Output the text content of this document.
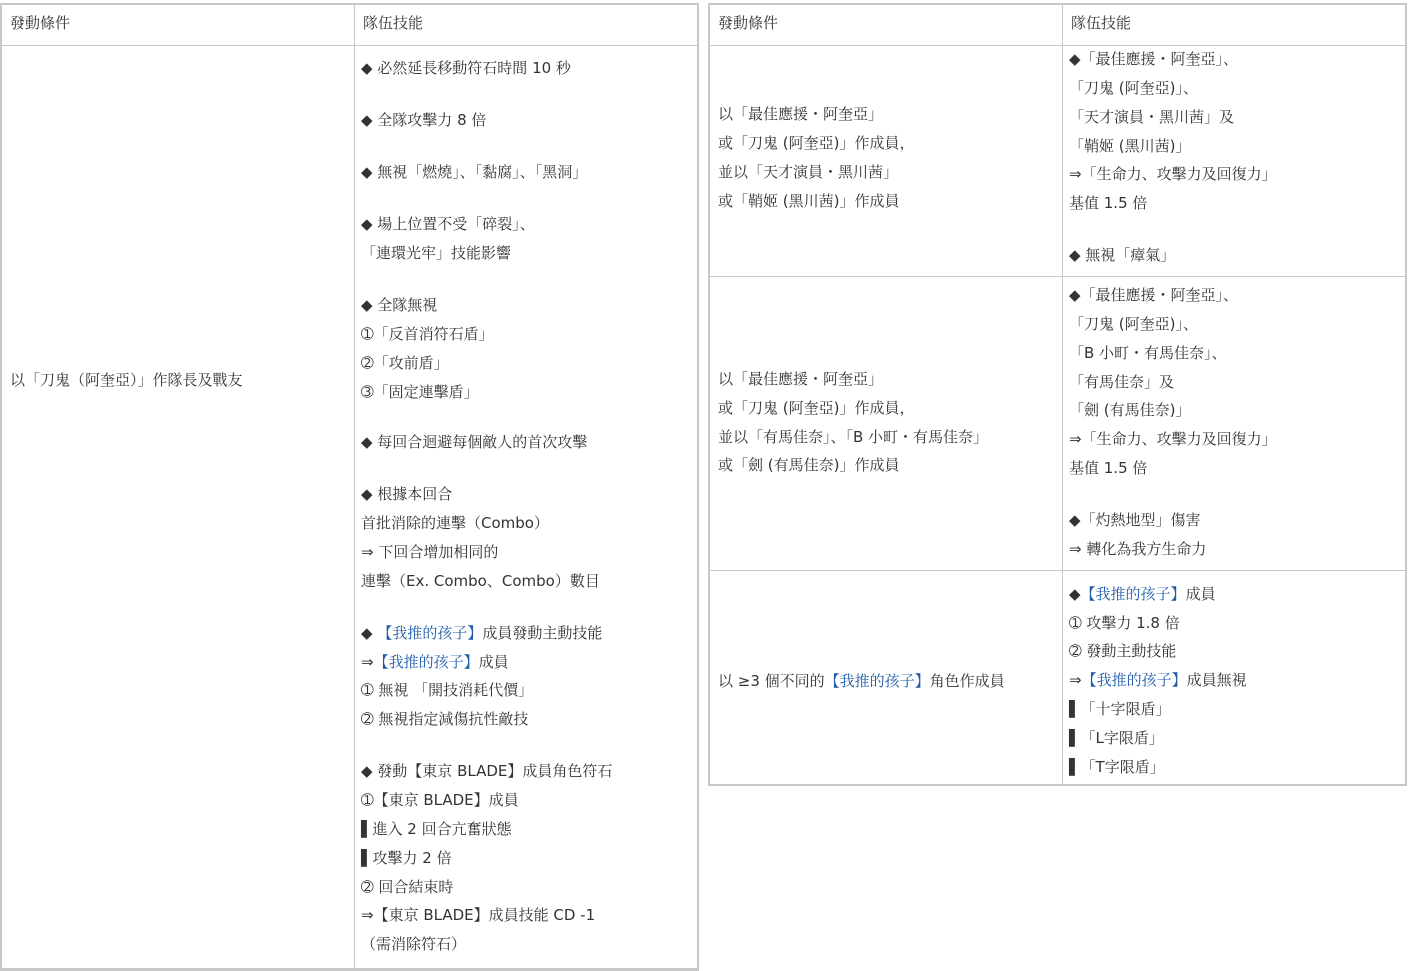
發動條件	隊伍技能
以「刀鬼（阿奎亞）」作隊長及戰友
◆ 必然延長移動符石時間 10 秒
◆ 全隊攻擊力 8 倍
◆ 無視「燃燒」、「黏腐」、「黑洞」
◆ 場上位置不受「碎裂」、
「連環光牢」技能影響
◆ 全隊無視
➀「反首消符石盾」
➁「攻前盾」
➂「固定連擊盾」
◆ 每回合迴避每個敵人的首次攻擊
◆ 根據本回合
首批消除的連擊（Combo）
⇒ 下回合增加相同的
連擊（Ex. Combo、Combo）數目
◆ 【我推的孩子】成員發動主動技能
⇒【我推的孩子】成員
➀ 無視 「開技消耗代價」
➁ 無視指定減傷抗性敵技
◆ 發動【東京 BLADE】成員角色符石
➀【東京 BLADE】成員
▌進入 2 回合亢奮狀態
▌攻擊力 2 倍
➁ 回合結束時
⇒【東京 BLADE】成員技能 CD -1
（需消除符石）
發動條件	隊伍技能
以「最佳應援・阿奎亞」
或「刀鬼 (阿奎亞)」作成員，
並以「天才演員・黑川茜」
或「鞘姬 (黑川茜)」作成員
◆「最佳應援・阿奎亞」、
「刀鬼 (阿奎亞)」、
「天才演員・黑川茜」及
「鞘姬 (黑川茜)」
⇒「生命力、攻擊力及回復力」
基值 1.5 倍
◆ 無視「瘴氣」
以「最佳應援・阿奎亞」
或「刀鬼 (阿奎亞)」作成員，
並以「有馬佳奈」、「B 小町・有馬佳奈」
或「劍 (有馬佳奈)」作成員
◆「最佳應援・阿奎亞」、
「刀鬼 (阿奎亞)」、
「B 小町・有馬佳奈」、
「有馬佳奈」及
「劍 (有馬佳奈)」
⇒「生命力、攻擊力及回復力」
基值 1.5 倍
◆「灼熱地型」傷害
⇒ 轉化為我方生命力
以 ≥3 個不同的【我推的孩子】角色作成員
◆【我推的孩子】成員
➀ 攻擊力 1.8 倍
➁ 發動主動技能
⇒【我推的孩子】成員無視
▌「十字限盾」
▌「L字限盾」
▌「T字限盾」
